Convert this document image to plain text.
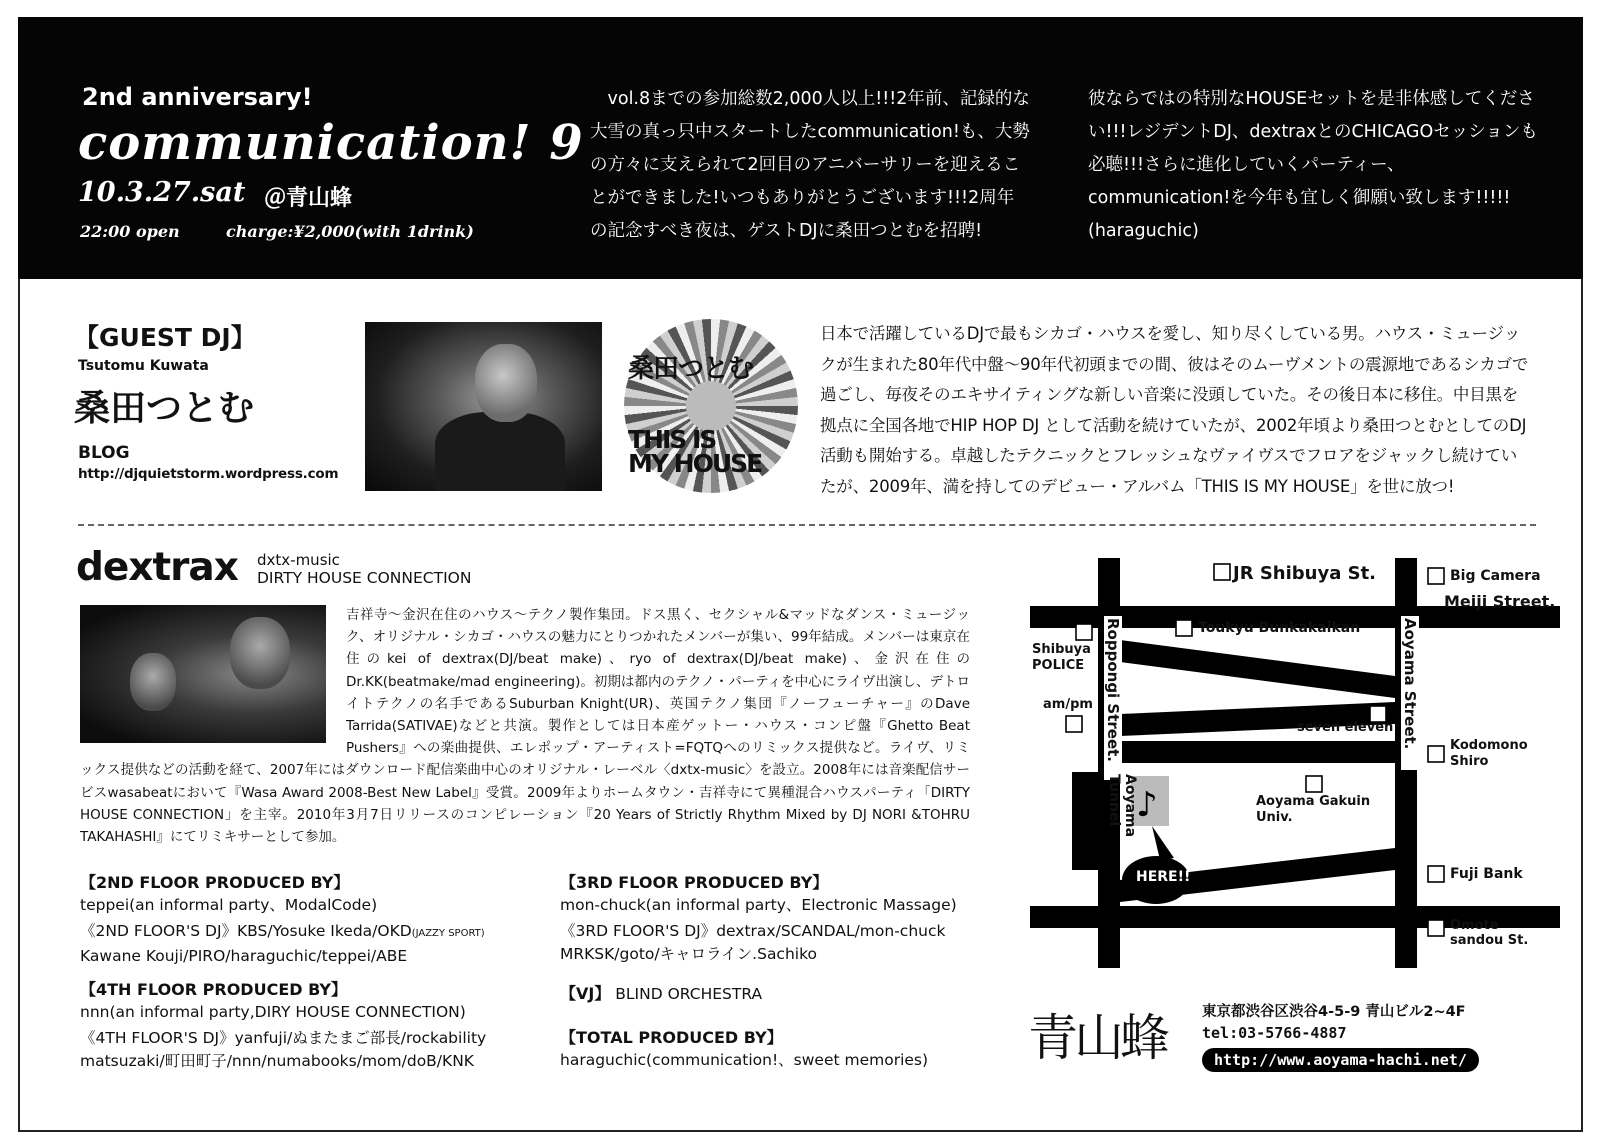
2nd anniversary!
communication! 9
10.3.27.sat ＠青山蜂
22:00 open	charge:¥2,000(with 1drink)
vol.8までの参加総数2,000人以上!!!2年前、記録的な大雪の真っ只中スタートしたcommunication!も、大勢の方々に支えられて2回目のアニバーサリーを迎えることができました!いつもありがとうございます!!!2周年の記念すべき夜は、ゲストDJに桑田つとむを招聘!
彼ならではの特別なHOUSEセットを是非体感してください!!!レジデントDJ、dextraxとのCHICAGOセッションも必聴!!!さらに進化していくパーティー、communication!を今年も宜しく御願い致します!!!!! (haraguchic)
【GUEST DJ】
Tsutomu Kuwata
桑田つとむ
BLOG
http://djquietstorm.wordpress.com
桑田つとむ
THIS IS
MY HOUSE
日本で活躍しているDJで最もシカゴ・ハウスを愛し、知り尽くしている男。ハウス・ミュージックが生まれた80年代中盤〜90年代初頭までの間、彼はそのムーヴメントの震源地であるシカゴで過ごし、毎夜そのエキサイティングな新しい音楽に没頭していた。その後日本に移住。中目黒を拠点に全国各地でHIP HOP DJ として活動を続けていたが、2002年頃より桑田つとむとしてのDJ活動も開始する。卓越したテクニックとフレッシュなヴァイヴスでフロアをジャックし続けていたが、2009年、満を持してのデビュー・アルバム「THIS IS MY HOUSE」を世に放つ!
dextrax dxtx-music
DIRTY HOUSE CONNECTION
吉祥寺〜金沢在住のハウス〜テクノ製作集団。ドス黒く、セクシャル&マッドなダンス・ミュージック、オリジナル・シカゴ・ハウスの魅力にとりつかれたメンバーが集い、99年結成。メンバーは東京在住のkei of dextrax(DJ/beat make)、ryo of dextrax(DJ/beat make)、金沢在住のDr.KK(beatmake/mad engineering)。初期は都内のテクノ・パーティを中心にライヴ出演し、デトロイトテクノの名手であるSuburban Knight(UR)、英国テクノ集団『ノーフューチャー』のDave Tarrida(SATIVAE)などと共演。製作としては日本産ゲットー・ハウス・コンピ盤『Ghetto Beat Pushers』への楽曲提供、エレポップ・アーティスト=FQTQへのリミックス提供など。ライヴ、リミックス提供などの活動を経て、2007年にはダウンロード配信楽曲中心のオリジナル・レーベル〈dxtx-music〉を設立。2008年には音楽配信サービスwasabeatにおいて『Wasa Award 2008-Best New Label』受賞。2009年よりホームタウン・吉祥寺にて異種混合ハウスパーティ「DIRTY HOUSE CONNECTION」を主宰。2010年3月7日リリースのコンピレーション『20 Years of Strictly Rhythm Mixed by DJ NORI &TOHRU TAKAHASHI』にてリミキサーとして参加。
【2ND FLOOR PRODUCED BY】
teppei(an informal party、ModalCode)
《2ND FLOOR'S DJ》KBS/Yosuke Ikeda/OKD(JAZZY SPORT)
Kawane Kouji/PIRO/haraguchic/teppei/ABE
【4TH FLOOR PRODUCED BY】
nnn(an informal party,DIRY HOUSE CONNECTION)
《4TH FLOOR'S DJ》yanfuji/ぬまたまご部長/rockability
matsuzaki/町田町子/nnn/numabooks/mom/doB/KNK
【3RD FLOOR PRODUCED BY】
mon-chuck(an informal party、Electronic Massage)
《3RD FLOOR'S DJ》dextrax/SCANDAL/mon-chuck
MRKSK/goto/キャロライン.Sachiko
【VJ】 BLIND ORCHESTRA
【TOTAL PRODUCED BY】
haraguchic(communication!、sweet memories)
♪
JR Shibuya St.	Big Camera
Meiji Street.
Toukyu Bunkakaikan
Shibuya
POLICE
am/pm
seven eleven
Kodomono
Shiro
Aoyama Gakuin
Univ.
Fuji Bank
Omote
sandou St.
HERE!!
Roppongi Street.	Aoyama Street.
Aoyama
Tunnel
青山蜂 東京都渋谷区渋谷4-5-9 青山ビル2~4F
tel:03-5766-4887
http://www.aoyama-hachi.net/
